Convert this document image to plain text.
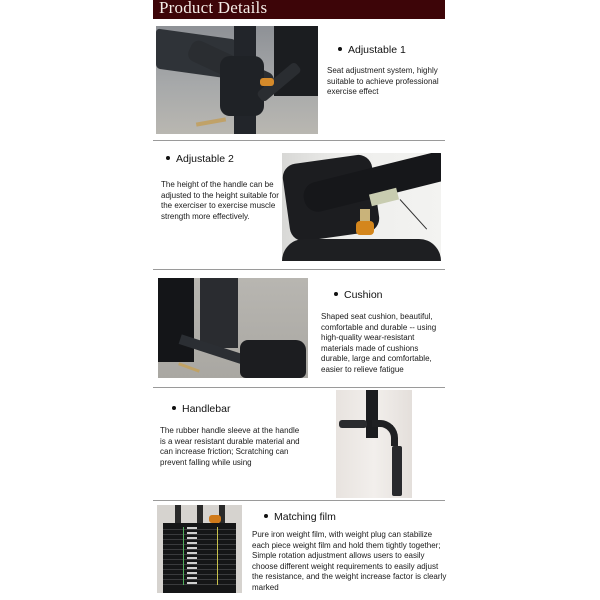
Product Details
Adjustable 1
Seat adjustment system, highly suitable to achieve professional exercise effect
Adjustable 2
The height of the handle can be adjusted to the height suitable for the exerciser to exercise muscle strength more effectively.
Cushion
Shaped seat cushion, beautiful, comfortable and durable -- using high-quality wear-resistant materials made of cushions durable, large and comfortable, easier to relieve fatigue
Handlebar
The rubber handle sleeve at the handle is a wear resistant durable material and can increase friction; Scratching can prevent falling while using
Matching film
Pure iron weight film, with weight plug can stabilize each piece weight film and hold them tightly together; Simple rotation adjustment allows users to easily choose different weight requirements to easily adjust the resistance, and the weight increase factor is clearly marked
